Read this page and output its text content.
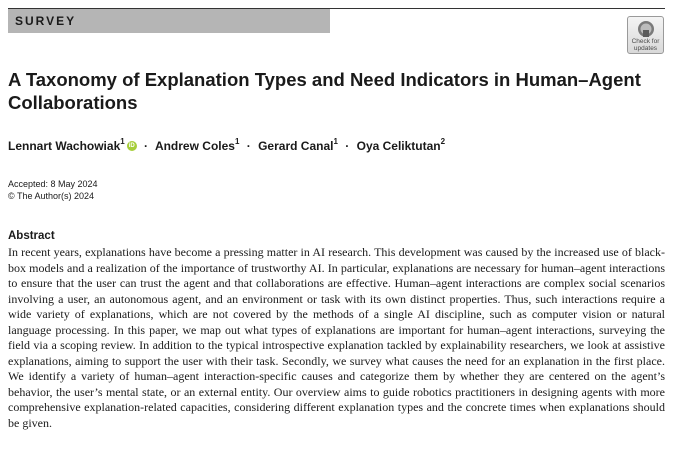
SURVEY
Check for
updates
A Taxonomy of Explanation Types and Need Indicators in Human–Agent Collaborations
Lennart Wachowiak$^1$ iD · Andrew Coles$^1$ · Gerard Canal$^1$ · Oya Celiktutan$^2$
Accepted: 8 May 2024
© The Author(s) 2024
Abstract

In recent years, explanations have become a pressing matter in AI research. This development was caused by the increased use of black-box models and a realization of the importance of trustworthy AI. In particular, explanations are necessary for human–agent interactions to ensure that the user can trust the agent and that collaborations are effective. Human–agent interactions are complex social scenarios involving a user, an autonomous agent, and an environment or task with its own distinct properties. Thus, such interactions require a wide variety of explanations, which are not covered by the methods of a single AI discipline, such as computer vision or natural language processing. In this paper, we map out what types of explanations are important for human–agent interactions, surveying the field via a scoping review. In addition to the typical introspective explanation tackled by explainability researchers, we look at assistive explanations, aiming to support the user with their task. Secondly, we survey what causes the need for an explanation in the first place. We identify a variety of human–agent interaction-specific causes and categorize them by whether they are centered on the agent’s behavior, the user’s mental state, or an external entity. Our overview aims to guide robotics practitioners in designing agents with more comprehensive explanation-related capacities, considering different explanation types and the concrete times when explanations should be given.
